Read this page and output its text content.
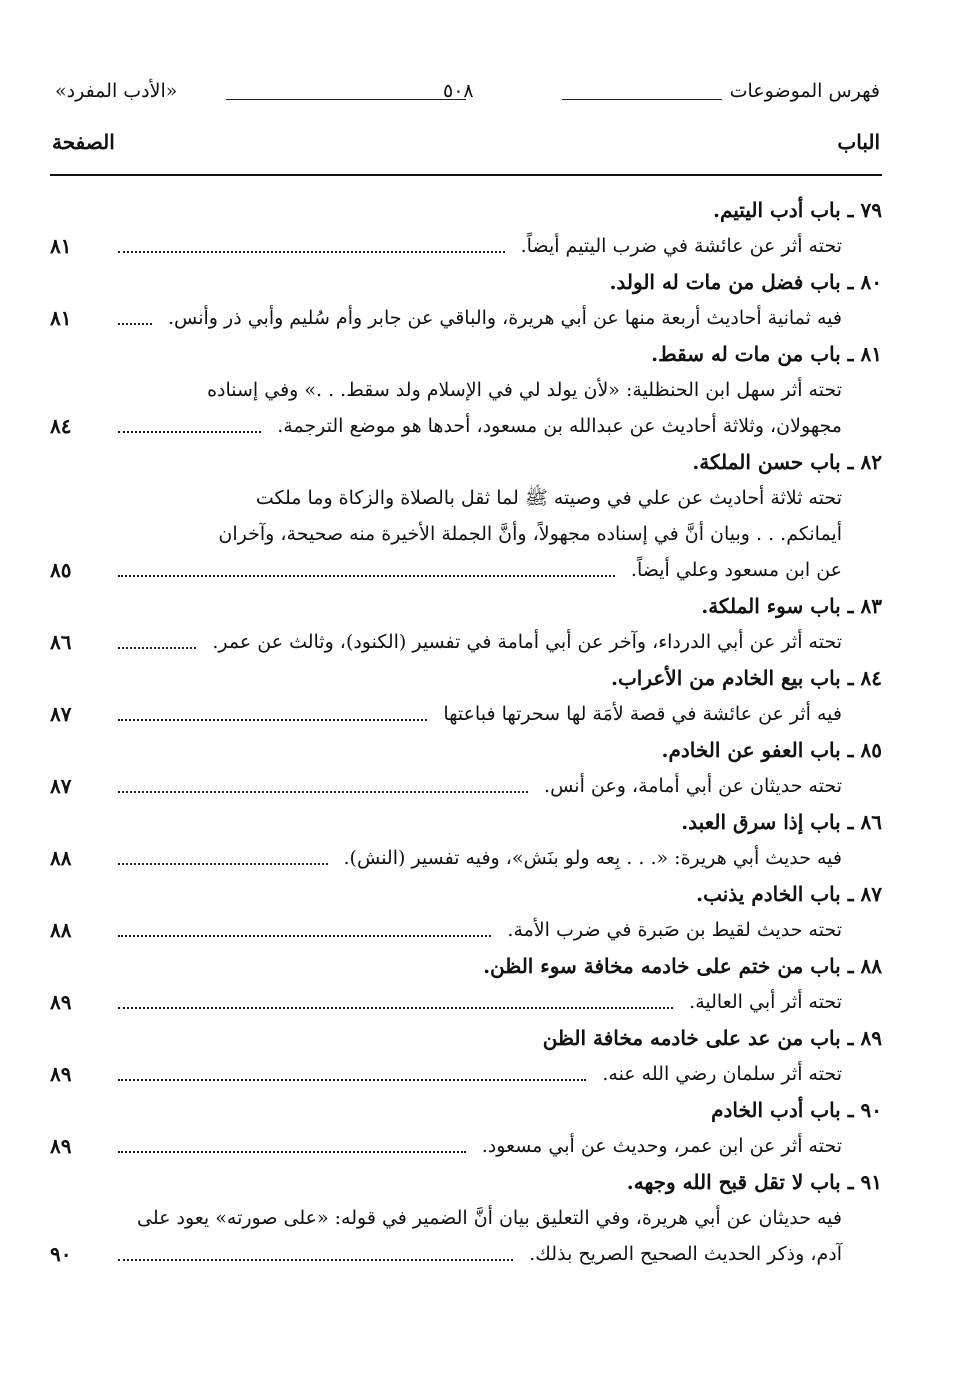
فهرس الموضوعات
٥٠٨
«الأدب المفرد»
الباب
الصفحة
٧٩ ـ باب أدب اليتيم.
تحته أثر عن عائشة في ضرب اليتيم أيضاً.
٨١
٨٠ ـ باب فضل من مات له الولد.
فيه ثمانية أحاديث أربعة منها عن أبي هريرة، والباقي عن جابر وأم سُليم وأبي ذر وأنس.
٨١
٨١ ـ باب من مات له سقط.
تحته أثر سهل ابن الحنظلية: «لأن يولد لي في الإسلام ولد سقط. . .» وفي إسناده
مجهولان، وثلاثة أحاديث عن عبدالله بن مسعود، أحدها هو موضع الترجمة.
٨٤
٨٢ ـ باب حسن الملكة.
تحته ثلاثة أحاديث عن علي في وصيته ﷺ لما ثقل بالصلاة والزكاة وما ملكت
أيمانكم. . . وبيان أنَّ في إسناده مجهولاً، وأنَّ الجملة الأخيرة منه صحيحة، وآخران
عن ابن مسعود وعلي أيضاً.
٨٥
٨٣ ـ باب سوء الملكة.
تحته أثر عن أبي الدرداء، وآخر عن أبي أمامة في تفسير (الكنود)، وثالث عن عمر.
٨٦
٨٤ ـ باب بيع الخادم من الأعراب.
فيه أثر عن عائشة في قصة لأمَة لها سحرتها فباعتها
٨٧
٨٥ ـ باب العفو عن الخادم.
تحته حديثان عن أبي أمامة، وعن أنس.
٨٧
٨٦ ـ باب إذا سرق العبد.
فيه حديث أبي هريرة: «. . . بِعه ولو بنَش»، وفيه تفسير (النش).
٨٨
٨٧ ـ باب الخادم يذنب.
تحته حديث لقيط بن صَبرة في ضرب الأمة.
٨٨
٨٨ ـ باب من ختم على خادمه مخافة سوء الظن.
تحته أثر أبي العالية.
٨٩
٨٩ ـ باب من عد على خادمه مخافة الظن
تحته أثر سلمان رضي الله عنه.
٨٩
٩٠ ـ باب أدب الخادم
تحته أثر عن ابن عمر، وحديث عن أبي مسعود.
٨٩
٩١ ـ باب لا تقل قبح الله وجهه.
فيه حديثان عن أبي هريرة، وفي التعليق بيان أنَّ الضمير في قوله: «على صورته» يعود على
آدم، وذكر الحديث الصحيح الصريح بذلك.
٩٠
